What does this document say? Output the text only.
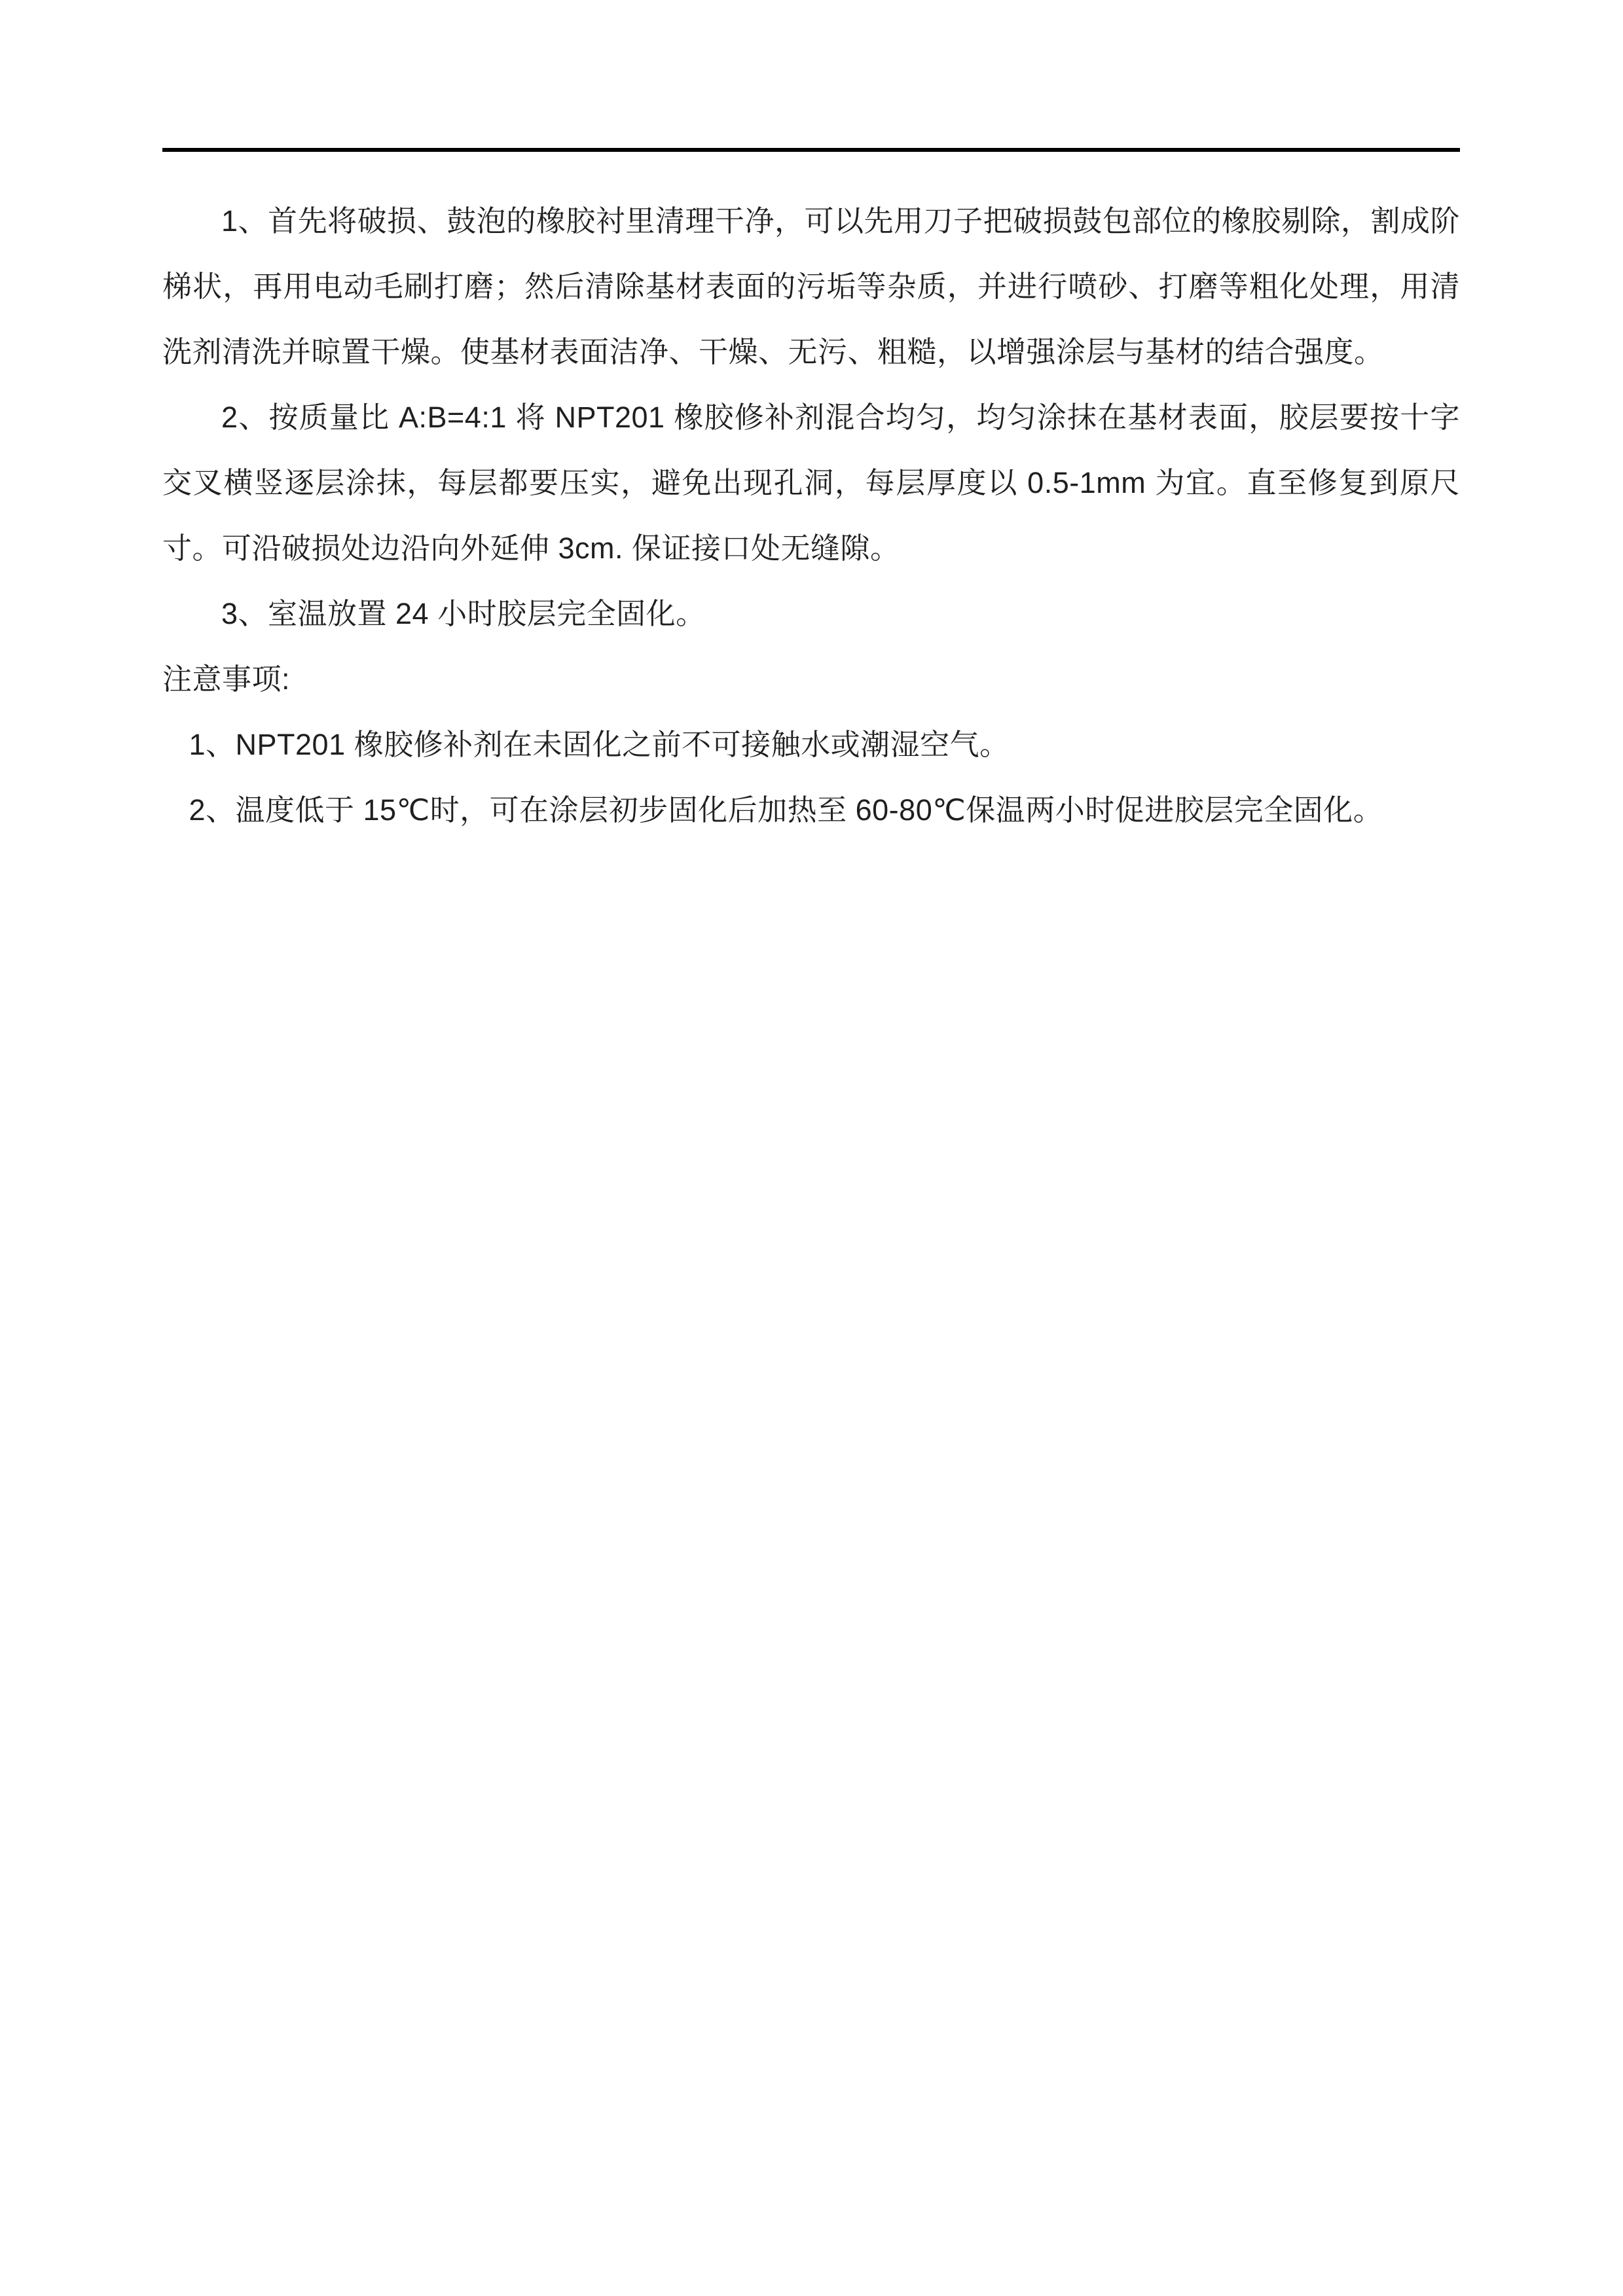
1、首先将破损、鼓泡的橡胶衬里清理干净，可以先用刀子把破损鼓包部位的橡胶剔除，割成阶梯状，再用电动毛刷打磨；然后清除基材表面的污垢等杂质，并进行喷砂、打磨等粗化处理，用清洗剂清洗并晾置干燥。使基材表面洁净、干燥、无污、粗糙，以增强涂层与基材的结合强度。

2、按质量比 A:B=4:1 将 NPT201 橡胶修补剂混合均匀，均匀涂抹在基材表面，胶层要按十字交叉横竖逐层涂抹，每层都要压实，避免出现孔洞，每层厚度以 0.5-1mm 为宜。直至修复到原尺寸。可沿破损处边沿向外延伸 3cm. 保证接口处无缝隙。

3、室温放置 24 小时胶层完全固化。

注意事项:

1、NPT201 橡胶修补剂在未固化之前不可接触水或潮湿空气。

2、温度低于 15℃时，可在涂层初步固化后加热至 60-80℃保温两小时促进胶层完全固化。
